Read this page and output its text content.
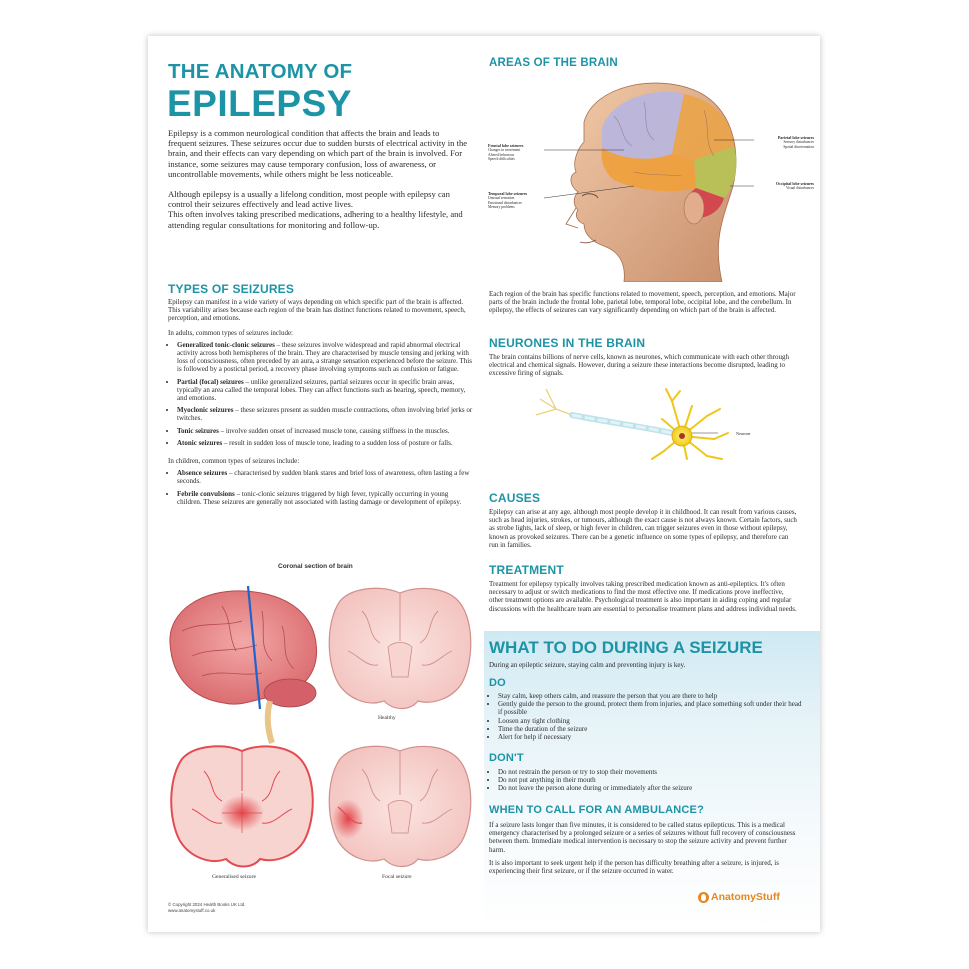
THE ANATOMY OF
EPILEPSY
Epilepsy is a common neurological condition that affects the brain and leads to frequent seizures. These seizures occur due to sudden bursts of electrical activity in the brain, and their effects can vary depending on which part of the brain is involved. For instance, some seizures may cause temporary confusion, loss of awareness, or uncontrollable movements, while others might be less noticeable.
Although epilepsy is a usually a lifelong condition, most people with epilepsy can control their seizures effectively and lead active lives.
This often involves taking prescribed medications, adhering to a healthy lifestyle, and attending regular consultations for monitoring and follow-up.
TYPES OF SEIZURES
Epilepsy can manifest in a wide variety of ways depending on which specific part of the brain is affected. This variability arises because each region of the brain has distinct functions related to movement, speech, perception, and emotions.
In adults, common types of seizures include:
• Generalized tonic-clonic seizures – these seizures involve widespread and rapid abnormal electrical activity across both hemispheres of the brain. They are characterised by muscle tensing and jerking with loss of consciousness, often preceded by an aura, a strange sensation experienced before the seizure. This is followed by a postictal period, a recovery phase involving symptoms such as confusion or fatigue.
• Partial (focal) seizures – unlike generalized seizures, partial seizures occur in specific brain areas, typically an area called the temporal lobes. They can affect functions such as hearing, speech, memory, and emotions.
• Myoclonic seizures – these seizures present as sudden muscle contractions, often involving brief jerks or twitches.
• Tonic seizures – involve sudden onset of increased muscle tone, causing stiffness in the muscles.
• Atonic seizures – result in sudden loss of muscle tone, leading to a sudden loss of posture or falls.
In children, common types of seizures include:
• Absence seizures – characterised by sudden blank stares and brief loss of awareness, often lasting a few seconds.
• Febrile convulsions – tonic-clonic seizures triggered by high fever, typically occurring in young children. These seizures are generally not associated with lasting damage or development of epilepsy.
Coronal section of brain
Healthy
Generalised seizure	Focal seizure
© Copyright 2024 Health Books UK Ltd.
www.anatomystuff.co.uk
AREAS OF THE BRAIN
Frontal lobe seizures
Changes in movement
Altered behaviour
Speech difficulties
Temporal lobe seizures
Unusual sensation
Emotional disturbances
Memory problems
Parietal lobe seizures
Sensory disturbances
Spatial disorientation
Occipital lobe seizures
Visual disturbances
Each region of the brain has specific functions related to movement, speech, perception, and emotions. Major parts of the brain include the frontal lobe, parietal lobe, temporal lobe, occipital lobe, and the cerebellum. In epilepsy, the effects of seizures can vary significantly depending on which part of the brain is affected.
NEURONES IN THE BRAIN
The brain contains billions of nerve cells, known as neurones, which communicate with each other through electrical and chemical signals. However, during a seizure these interactions become disrupted, leading to excessive firing of signals.
Neurone
CAUSES
Epilepsy can arise at any age, although most people develop it in childhood. It can result from various causes, such as head injuries, strokes, or tumours, although the exact cause is not always known. Certain factors, such as strobe lights, lack of sleep, or high fever in children, can trigger seizures even in those without epilepsy, known as provoked seizures. There can be a genetic influence on some types of epilepsy, and therefore can run in families.
TREATMENT
Treatment for epilepsy typically involves taking prescribed medication known as anti-epileptics. It's often necessary to adjust or switch medications to find the most effective one. If medications prove ineffective, other treatment options are available. Psychological treatment is also important in aiding coping and regular discussions with the healthcare team are essential to personalise treatment plans and address individual needs.
WHAT TO DO DURING A SEIZURE
During an epileptic seizure, staying calm and preventing injury is key.
DO
• Stay calm, keep others calm, and reassure the person that you are there to help
• Gently guide the person to the ground, protect them from injuries, and place something soft under their head if possible
• Loosen any tight clothing
• Time the duration of the seizure
• Alert for help if necessary
DON'T
• Do not restrain the person or try to stop their movements
• Do not put anything in their mouth
• Do not leave the person alone during or immediately after the seizure
WHEN TO CALL FOR AN AMBULANCE?
If a seizure lasts longer than five minutes, it is considered to be called status epilepticus. This is a medical emergency characterised by a prolonged seizure or a series of seizures without full recovery of consciousness between them. Immediate medical intervention is necessary to stop the seizure activity and prevent further harm.
It is also important to seek urgent help if the person has difficulty breathing after a seizure, is injured, is experiencing their first seizure, or if the seizure occurred in water.
AnatomyStuff
